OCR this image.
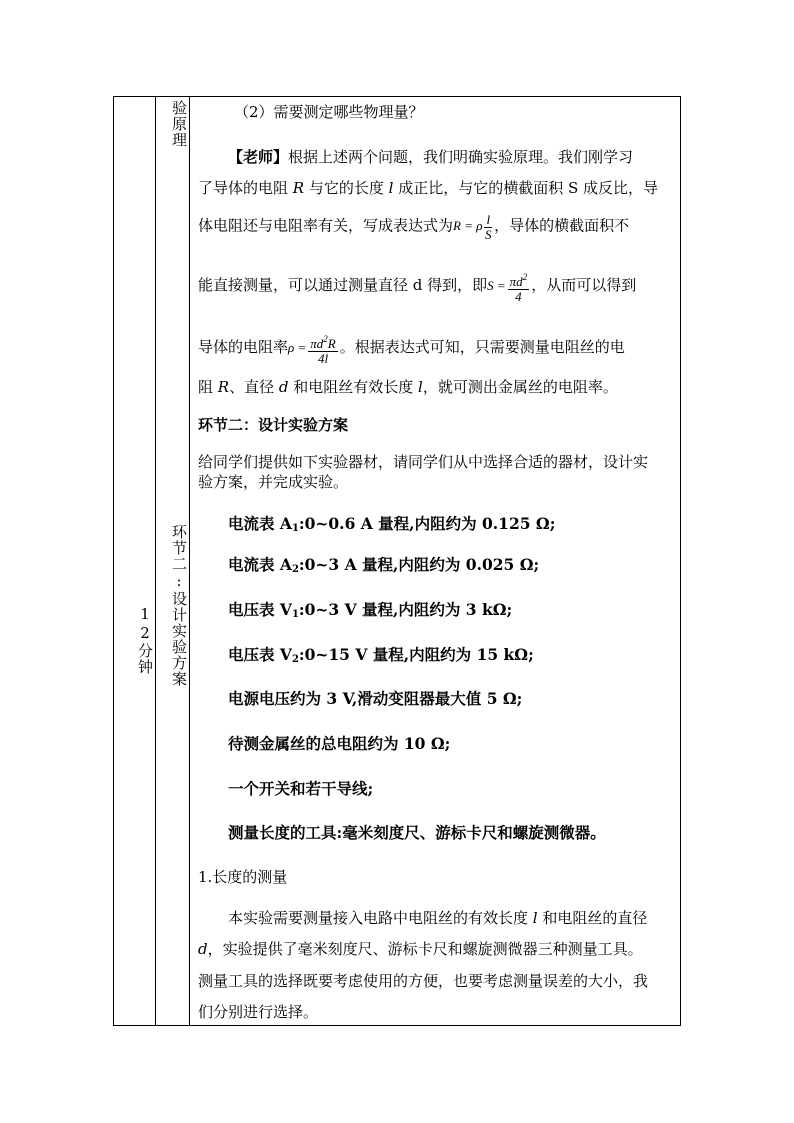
12分钟
验原理
环节二:设计实验方案
（2）需要测定哪些物理量？
【老师】根据上述两个问题，我们明确实验原理。我们刚学习
了导体的电阻 R 与它的长度 l 成正比，与它的横截面积 S 成反比，导
体电阻还与电阻率有关，写成表达式为R = ρ $\frac{l}{S}$ ，导体的横截面积不
能直接测量，可以通过测量直径 d 得到，即$S = \frac{\pi d^2}{4}$ ，从而可以得到
导体的电阻率$\rho = \frac{\pi d^2R}{4l}$ 。根据表达式可知，只需要测量电阻丝的电
阻 R、直径 d 和电阻丝有效长度 l，就可测出金属丝的电阻率。
环节二：设计实验方案
给同学们提供如下实验器材，请同学们从中选择合适的器材，设计实
验方案，并完成实验。
电流表 $A_1:0\sim 0.6$ A 量程,内阻约为 0.125 Ω;
电流表 $A_2:0\sim 3$ A 量程,内阻约为 0.025 Ω;
电压表 $V_1:0\sim 3$ V 量程,内阻约为 3 kΩ;
电压表 $V_2:0\sim 15$ V 量程,内阻约为 15 kΩ;
电源电压约为 3 V,滑动变阻器最大值 5 Ω;
待测金属丝的总电阻约为 10 Ω;
一个开关和若干导线;
测量长度的工具:毫米刻度尺、游标卡尺和螺旋测微器。
1.长度的测量
本实验需要测量接入电路中电阻丝的有效长度 l 和电阻丝的直径
d，实验提供了毫米刻度尺、游标卡尺和螺旋测微器三种测量工具。
测量工具的选择既要考虑使用的方便，也要考虑测量误差的大小，我
们分别进行选择。
